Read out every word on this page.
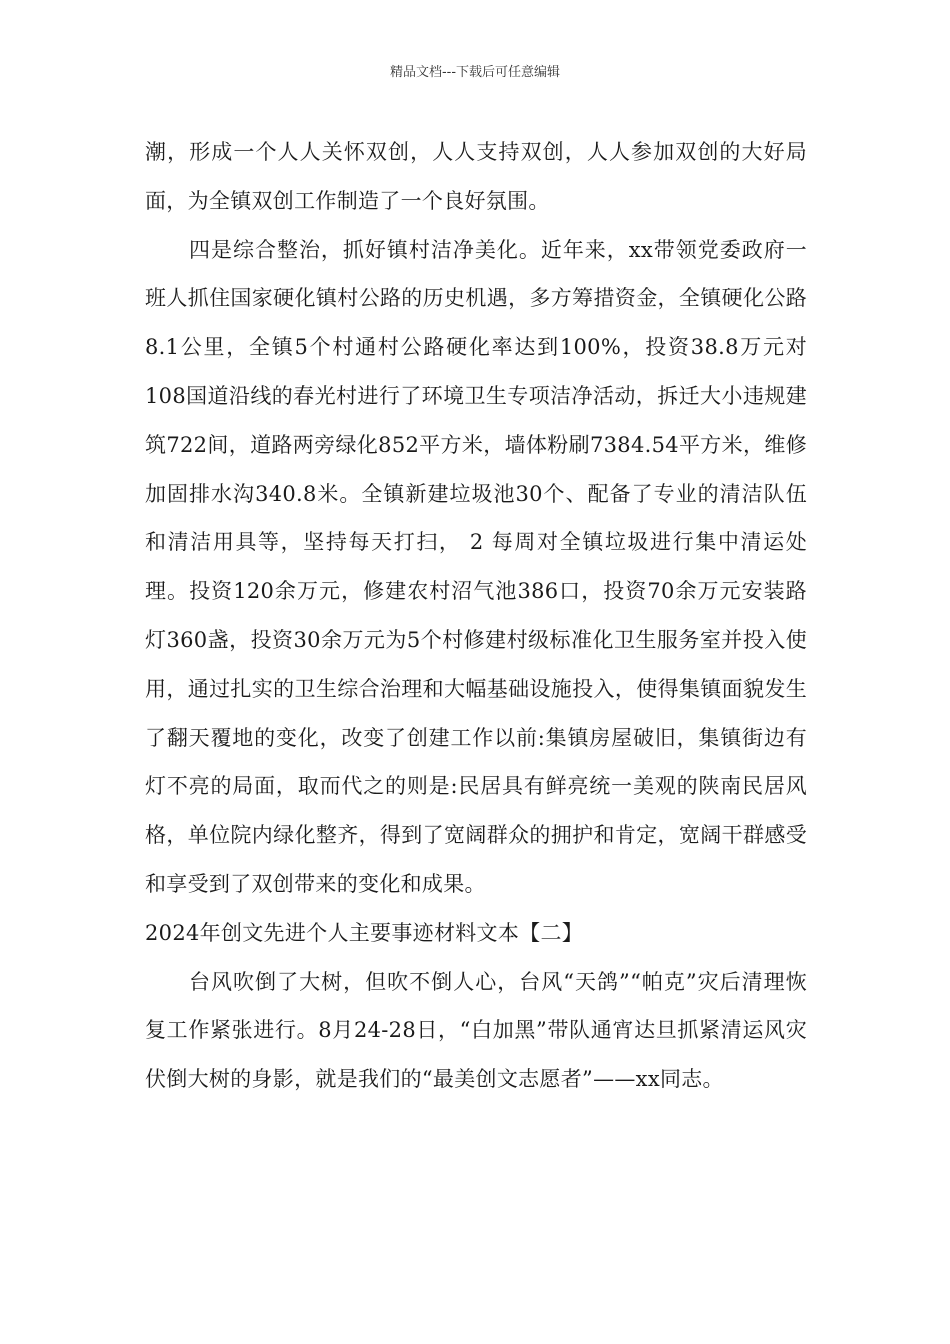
精品文档---下载后可任意编辑

潮，形成一个人人关怀双创，人人支持双创，人人参加双创的大好局面，为全镇双创工作制造了一个良好氛围。

四是综合整治，抓好镇村洁净美化。近年来，xx带领党委政府一班人抓住国家硬化镇村公路的历史机遇，多方筹措资金，全镇硬化公路8.1公里，全镇5个村通村公路硬化率达到100%，投资38.8万元对108国道沿线的春光村进行了环境卫生专项洁净活动，拆迁大小违规建筑722间，道路两旁绿化852平方米，墙体粉刷7384.54平方米，维修加固排水沟340.8米。全镇新建垃圾池30个、配备了专业的清洁队伍和清洁用具等，坚持每天打扫， 2 每周对全镇垃圾进行集中清运处理。投资120余万元，修建农村沼气池386口，投资70余万元安装路灯360盏，投资30余万元为5个村修建村级标准化卫生服务室并投入使用，通过扎实的卫生综合治理和大幅基础设施投入，使得集镇面貌发生了翻天覆地的变化，改变了创建工作以前:集镇房屋破旧，集镇街边有 灯不亮的局面，取而代之的则是:民居具有鲜亮统一美观的陕南民居风格，单位院内绿化整齐，得到了宽阔群众的拥护和肯定，宽阔干群感受和享受到了双创带来的变化和成果。

2024年创文先进个人主要事迹材料文本【二】

台风吹倒了大树，但吹不倒人心，台风“天鸽”“帕克”灾后清理恢复工作紧张进行。8月24-28日，“白加黑”带队通宵达旦抓紧清运风灾伏倒大树的身影，就是我们的“最美创文志愿者”——xx同志。
